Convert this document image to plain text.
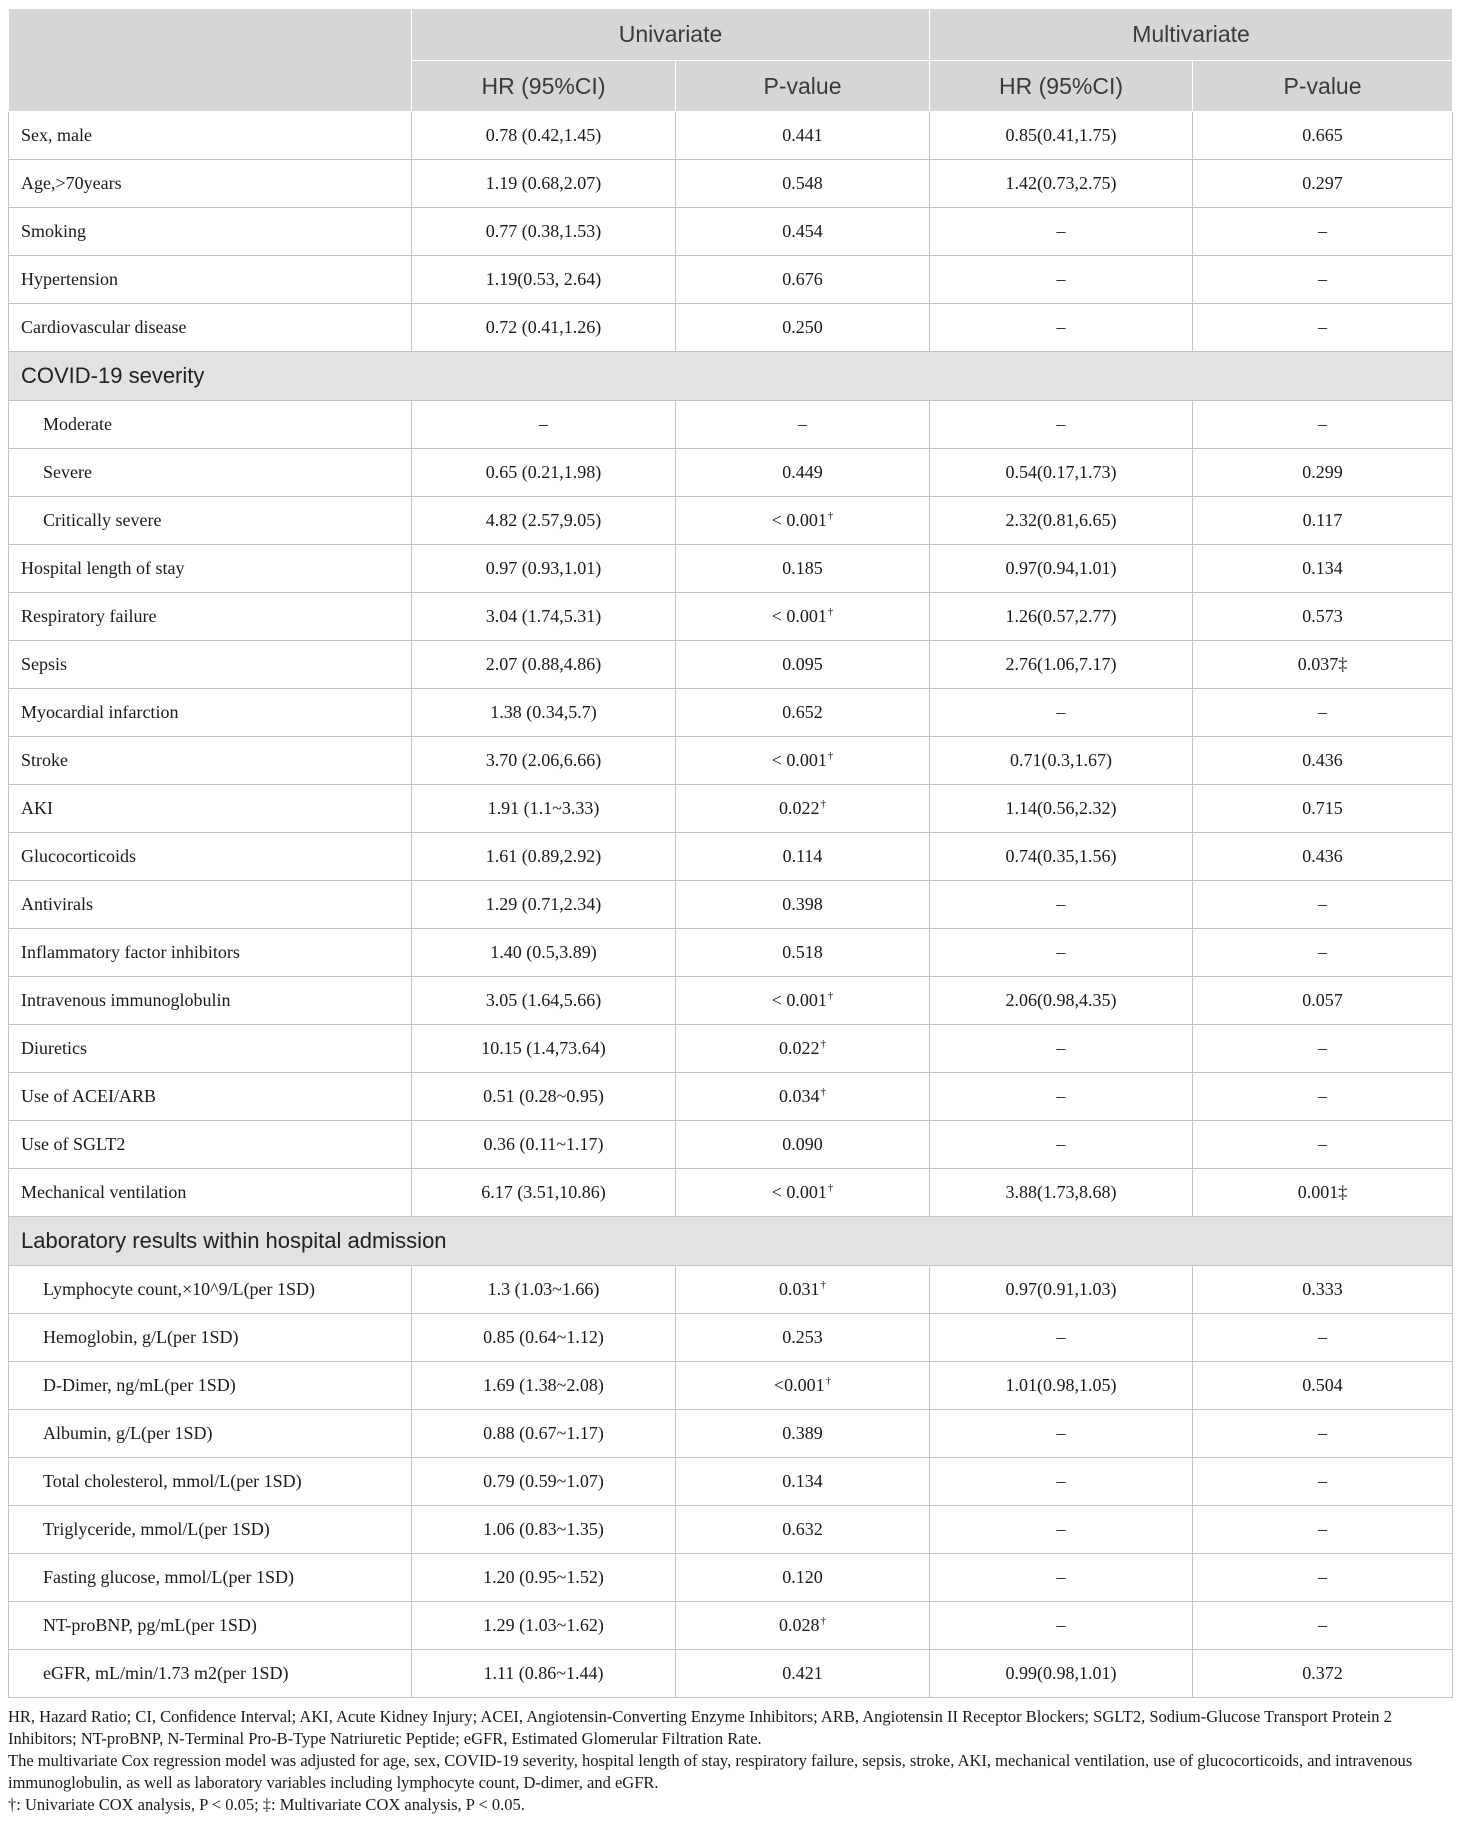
	Univariate		Multivariate	
	HR (95%CI)	P-value	HR (95%CI)	P-value
Sex, male	0.78 (0.42,1.45)	0.441	0.85(0.41,1.75)	0.665
Age,>70years	1.19 (0.68,2.07)	0.548	1.42(0.73,2.75)	0.297
Smoking	0.77 (0.38,1.53)	0.454	–	–
Hypertension	1.19(0.53, 2.64)	0.676	–	–
Cardiovascular disease	0.72 (0.41,1.26)	0.250	–	–
COVID-19 severity				
Moderate	–	–	–	–
Severe	0.65 (0.21,1.98)	0.449	0.54(0.17,1.73)	0.299
Critically severe	4.82 (2.57,9.05)	< 0.001†	2.32(0.81,6.65)	0.117
Hospital length of stay	0.97 (0.93,1.01)	0.185	0.97(0.94,1.01)	0.134
Respiratory failure	3.04 (1.74,5.31)	< 0.001†	1.26(0.57,2.77)	0.573
Sepsis	2.07 (0.88,4.86)	0.095	2.76(1.06,7.17)	0.037‡
Myocardial infarction	1.38 (0.34,5.7)	0.652	–	–
Stroke	3.70 (2.06,6.66)	< 0.001†	0.71(0.3,1.67)	0.436
AKI	1.91 (1.1~3.33)	0.022†	1.14(0.56,2.32)	0.715
Glucocorticoids	1.61 (0.89,2.92)	0.114	0.74(0.35,1.56)	0.436
Antivirals	1.29 (0.71,2.34)	0.398	–	–
Inflammatory factor inhibitors	1.40 (0.5,3.89)	0.518	–	–
Intravenous immunoglobulin	3.05 (1.64,5.66)	< 0.001†	2.06(0.98,4.35)	0.057
Diuretics	10.15 (1.4,73.64)	0.022†	–	–
Use of ACEI/ARB	0.51 (0.28~0.95)	0.034†	–	–
Use of SGLT2	0.36 (0.11~1.17)	0.090	–	–
Mechanical ventilation	6.17 (3.51,10.86)	< 0.001†	3.88(1.73,8.68)	0.001‡
Laboratory results within hospital admission				
Lymphocyte count,×10^9/L(per 1SD)	1.3 (1.03~1.66)	0.031†	0.97(0.91,1.03)	0.333
Hemoglobin, g/L(per 1SD)	0.85 (0.64~1.12)	0.253	–	–
D-Dimer, ng/mL(per 1SD)	1.69 (1.38~2.08)	<0.001†	1.01(0.98,1.05)	0.504
Albumin, g/L(per 1SD)	0.88 (0.67~1.17)	0.389	–	–
Total cholesterol, mmol/L(per 1SD)	0.79 (0.59~1.07)	0.134	–	–
Triglyceride, mmol/L(per 1SD)	1.06 (0.83~1.35)	0.632	–	–
Fasting glucose, mmol/L(per 1SD)	1.20 (0.95~1.52)	0.120	–	–
NT-proBNP, pg/mL(per 1SD)	1.29 (1.03~1.62)	0.028†	–	–
eGFR, mL/min/1.73 m2(per 1SD)	1.11 (0.86~1.44)	0.421	0.99(0.98,1.01)	0.372

HR, Hazard Ratio; CI, Confidence Interval; AKI, Acute Kidney Injury; ACEI, Angiotensin-Converting Enzyme Inhibitors; ARB, Angiotensin II Receptor Blockers; SGLT2, Sodium-Glucose Transport Protein 2 Inhibitors; NT-proBNP, N-Terminal Pro-B-Type Natriuretic Peptide; eGFR, Estimated Glomerular Filtration Rate.

The multivariate Cox regression model was adjusted for age, sex, COVID-19 severity, hospital length of stay, respiratory failure, sepsis, stroke, AKI, mechanical ventilation, use of glucocorticoids, and intravenous immunoglobulin, as well as laboratory variables including lymphocyte count, D-dimer, and eGFR.

†: Univariate COX analysis, P < 0.05; ‡: Multivariate COX analysis, P < 0.05.
